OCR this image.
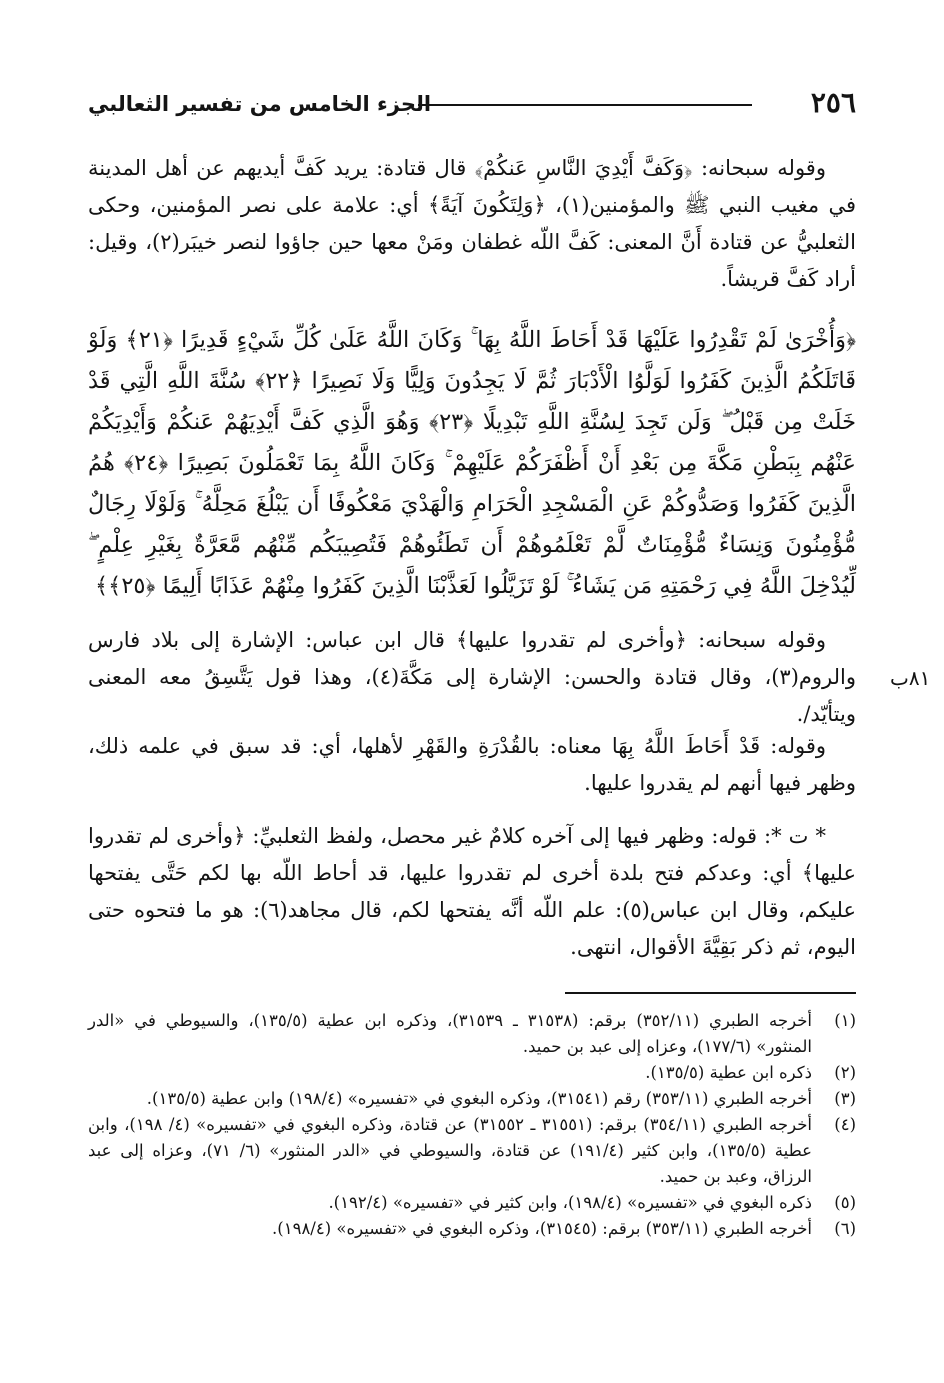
٢٥٦
الجزء الخامس من تفسير الثعالبي

وقوله سبحانه: ﴿وَكَفَّ أَيْدِيَ النَّاسِ عَنكُمْ﴾ قال قتادة: يريد كَفَّ أيديهم عن أهل المدينة في مغيب النبي ﷺ والمؤمنين(١)، ﴿وَلِتَكُونَ آيَةً﴾ أي: علامة على نصر المؤمنين، وحكى الثعلبيُّ عن قتادة أَنَّ المعنى: كَفَّ اللّه غطفان ومَنْ معها حين جاؤوا لنصر خيبَر(٢)، وقيل: أراد كَفَّ قريشاً.

﴿وَأُخْرَىٰ لَمْ تَقْدِرُوا عَلَيْهَا قَدْ أَحَاطَ اللَّهُ بِهَا ۚ وَكَانَ اللَّهُ عَلَىٰ كُلِّ شَيْءٍ قَدِيرًا ﴿٢١﴾ وَلَوْ قَاتَلَكُمُ الَّذِينَ كَفَرُوا لَوَلَّوُا الْأَدْبَارَ ثُمَّ لَا يَجِدُونَ وَلِيًّا وَلَا نَصِيرًا ﴿٢٢﴾ سُنَّةَ اللَّهِ الَّتِي قَدْ خَلَتْ مِن قَبْلُ ۖ وَلَن تَجِدَ لِسُنَّةِ اللَّهِ تَبْدِيلًا ﴿٢٣﴾ وَهُوَ الَّذِي كَفَّ أَيْدِيَهُمْ عَنكُمْ وَأَيْدِيَكُمْ عَنْهُم بِبَطْنِ مَكَّةَ مِن بَعْدِ أَنْ أَظْفَرَكُمْ عَلَيْهِمْ ۚ وَكَانَ اللَّهُ بِمَا تَعْمَلُونَ بَصِيرًا ﴿٢٤﴾ هُمُ الَّذِينَ كَفَرُوا وَصَدُّوكُمْ عَنِ الْمَسْجِدِ الْحَرَامِ وَالْهَدْيَ مَعْكُوفًا أَن يَبْلُغَ مَحِلَّهُ ۚ وَلَوْلَا رِجَالٌ مُّؤْمِنُونَ وَنِسَاءٌ مُّؤْمِنَاتٌ لَّمْ تَعْلَمُوهُمْ أَن تَطَئُوهُمْ فَتُصِيبَكُم مِّنْهُم مَّعَرَّةٌ بِغَيْرِ عِلْمٍ ۖ لِّيُدْخِلَ اللَّهُ فِي رَحْمَتِهِ مَن يَشَاءُ ۚ لَوْ تَزَيَّلُوا لَعَذَّبْنَا الَّذِينَ كَفَرُوا مِنْهُمْ عَذَابًا أَلِيمًا ﴿٢٥﴾﴾

وقوله سبحانه: ﴿وأخرى لم تقدروا عليها﴾ قال ابن عباس: الإشارة إلى بلاد فارس والروم(٣)، وقال قتادة والحسن: الإشارة إلى مَكَّةَ(٤)، وهذا قول يَتَّسِقُ معه المعنى ويتأيّد/.

٨١ب

وقوله: قَدْ أَحَاطَ اللَّهُ بِهَا معناه: بالقُدْرَةِ والقَهْرِ لأهلها، أي: قد سبق في علمه ذلك، وظهر فيها أنهم لم يقدروا عليها.

* ت *: قوله: وظهر فيها إلى آخره كلامٌ غير محصل، ولفظ الثعلبيِّ: ﴿وأخرى لم تقدروا عليها﴾ أي: وعدكم فتح بلدة أخرى لم تقدروا عليها، قد أحاط اللّه بها لكم حَتَّى يفتحها عليكم، وقال ابن عباس(٥): علم اللّه أنَّه يفتحها لكم، قال مجاهد(٦): هو ما فتحوه حتى اليوم، ثم ذكر بَقِيَّةَ الأقوال، انتهى.

(١)
أخرجه الطبري (٣٥٢/١١) برقم: (٣١٥٣٨ ـ ٣١٥٣٩)، وذكره ابن عطية (١٣٥/٥)، والسيوطي في «الدر المنثور» (١٧٧/٦)، وعزاه إلى عبد بن حميد.
(٢)
ذكره ابن عطية (١٣٥/٥).
(٣)
أخرجه الطبري (٣٥٣/١١) رقم (٣١٥٤١)، وذكره البغوي في «تفسيره» (١٩٨/٤) وابن عطية (١٣٥/٥).
(٤)
أخرجه الطبري (٣٥٤/١١) برقم: (٣١٥٥١ ـ ٣١٥٥٢) عن قتادة، وذكره البغوي في «تفسيره» (٤/ ١٩٨)، وابن عطية (١٣٥/٥)، وابن كثير (١٩١/٤) عن قتادة، والسيوطي في «الدر المنثور» (٦/ ٧١)، وعزاه إلى عبد الرزاق، وعبد بن حميد.
(٥)
ذكره البغوي في «تفسيره» (١٩٨/٤)، وابن كثير في «تفسيره» (١٩٢/٤).
(٦)
أخرجه الطبري (٣٥٣/١١) برقم: (٣١٥٤٥)، وذكره البغوي في «تفسيره» (١٩٨/٤).
